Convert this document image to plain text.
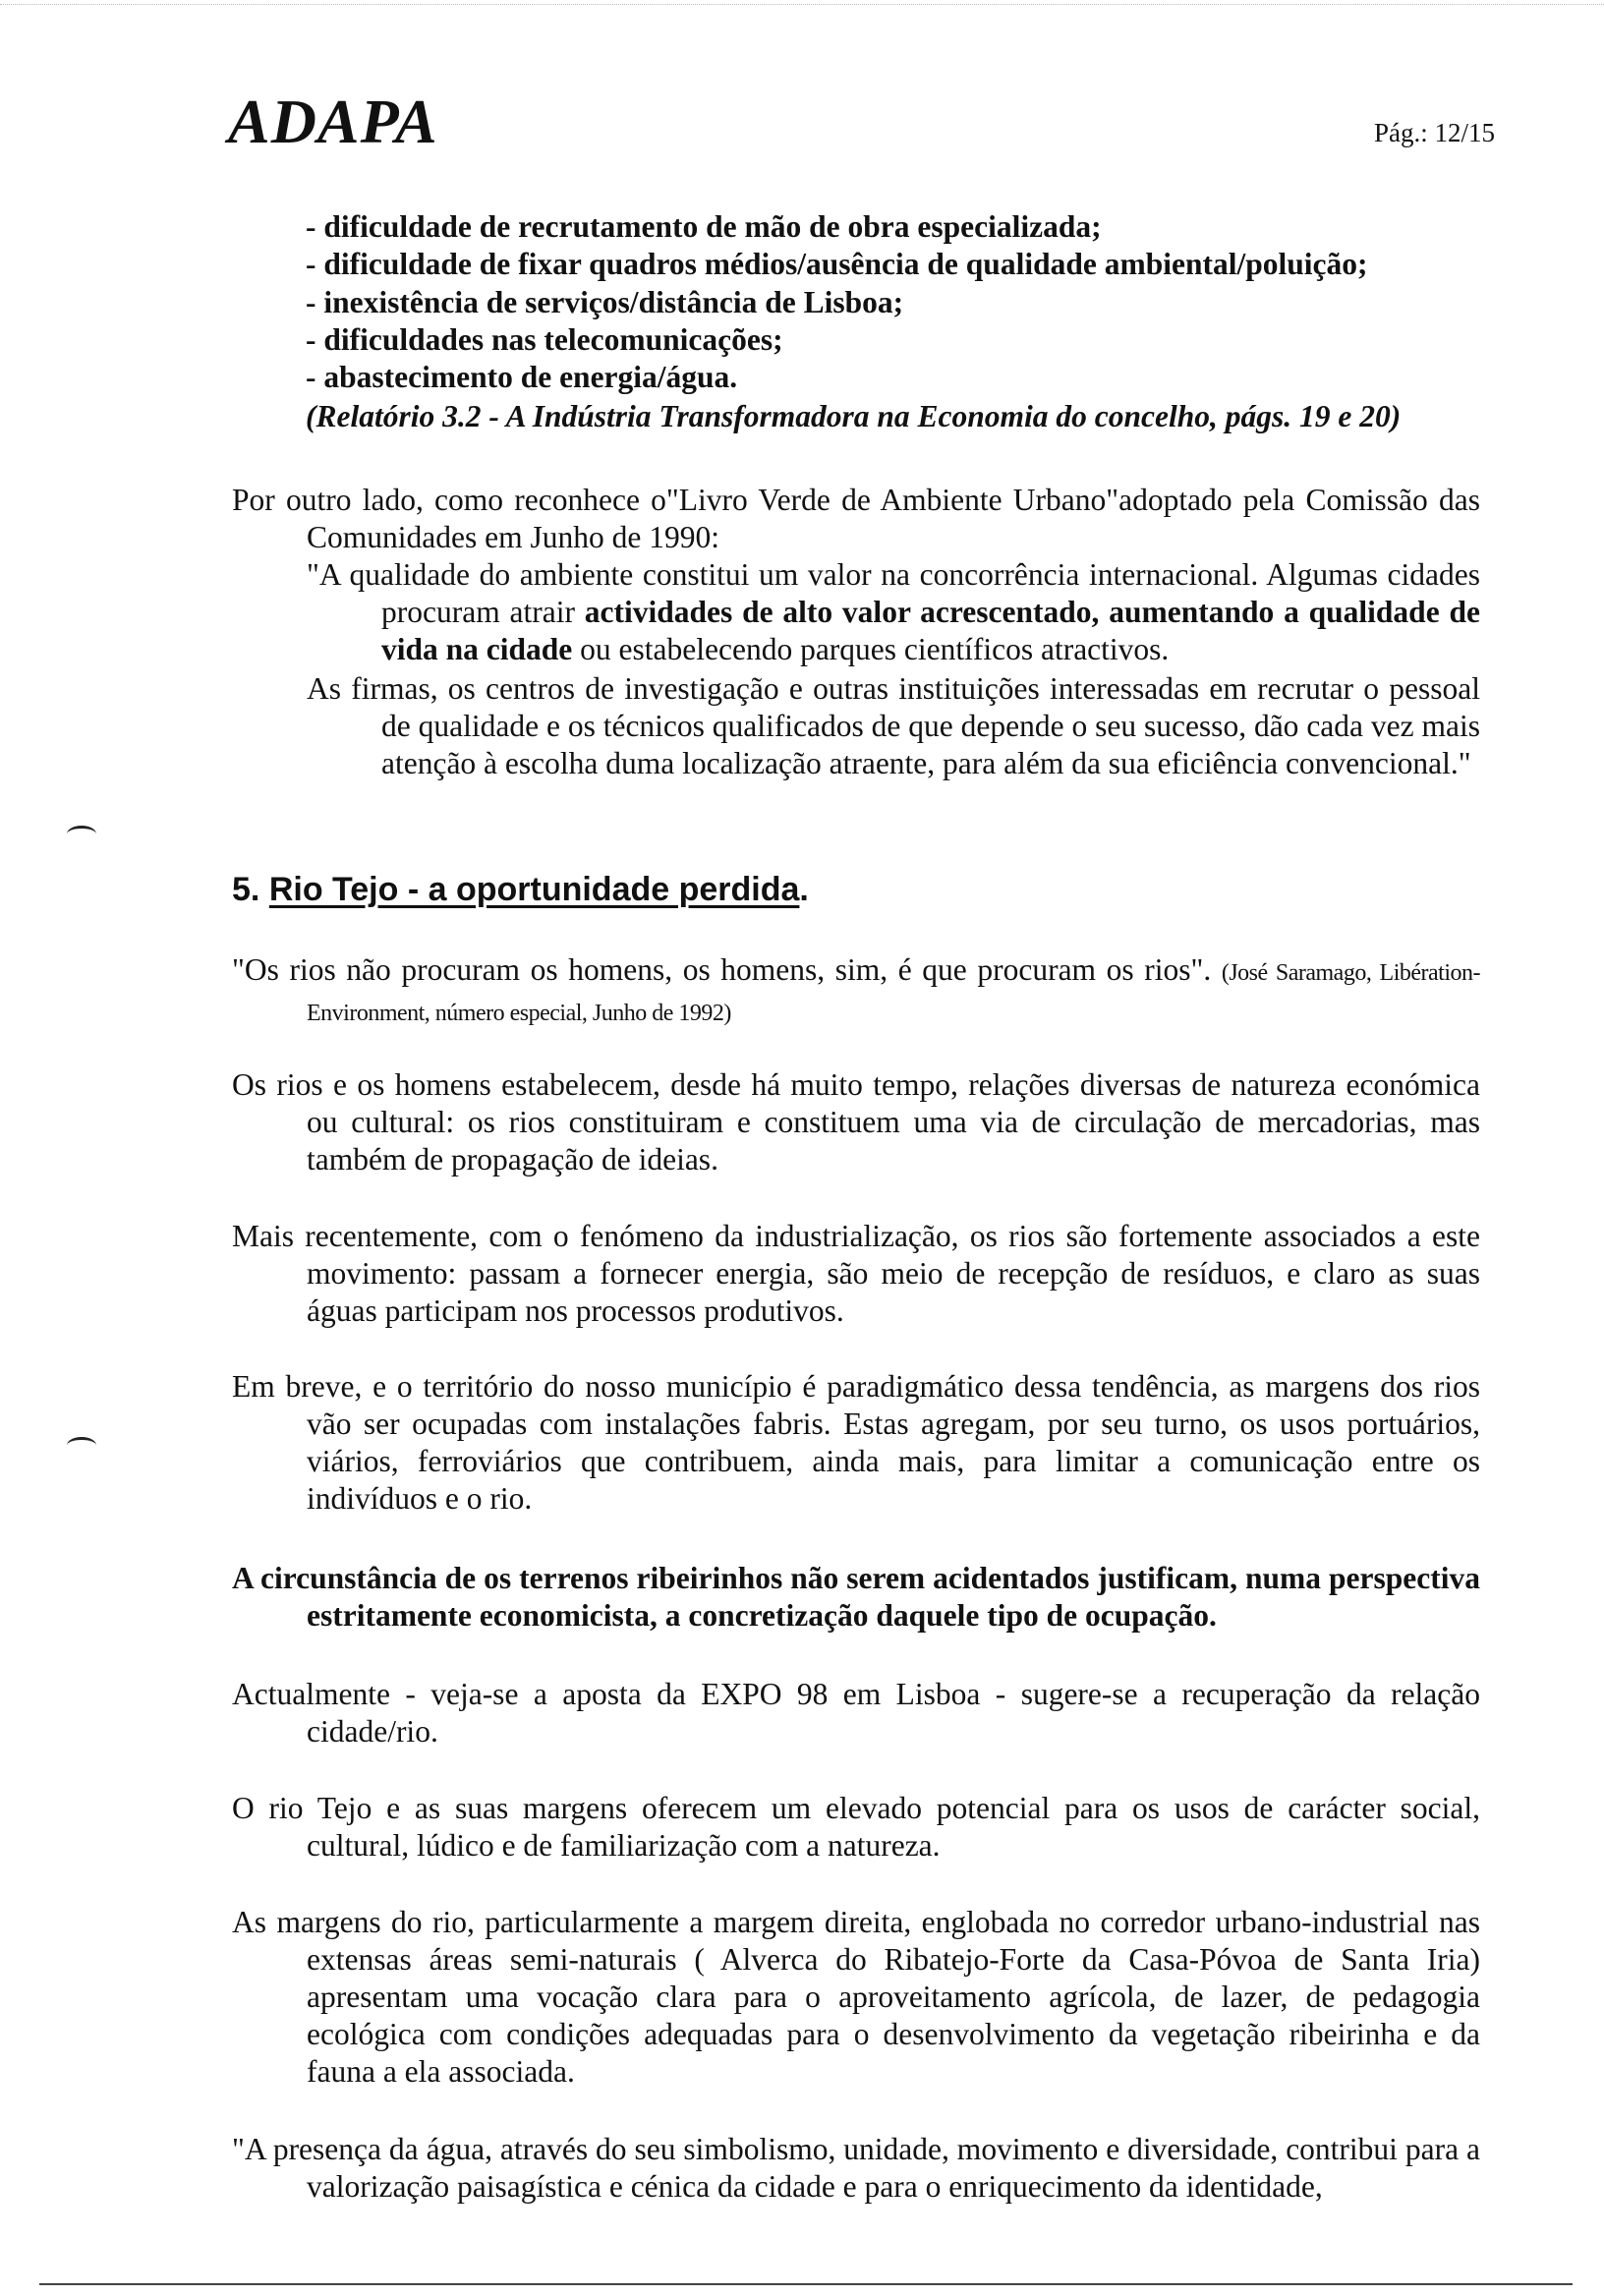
ADAPA	Pág.: 12/15
- dificuldade de recrutamento de mão de obra especializada;
- dificuldade de fixar quadros médios/ausência de qualidade ambiental/poluição;
- inexistência de serviços/distância de Lisboa;
- dificuldades nas telecomunicações;
- abastecimento de energia/água.
(Relatório 3.2 - A Indústria Transformadora na Economia do concelho, págs. 19 e 20)
Por outro lado, como reconhece o"Livro Verde de Ambiente Urbano"adoptado pela Comissão das Comunidades em Junho de 1990:
"A qualidade do ambiente constitui um valor na concorrência internacional. Algumas cidades procuram atrair actividades de alto valor acrescentado, aumentando a qualidade de vida na cidade ou estabelecendo parques científicos atractivos.
As firmas, os centros de investigação e outras instituições interessadas em recrutar o pessoal de qualidade e os técnicos qualificados de que depende o seu sucesso, dão cada vez mais atenção à escolha duma localização atraente, para além da sua eficiência convencional."
5. Rio Tejo - a oportunidade perdida.
"Os rios não procuram os homens, os homens, sim, é que procuram os rios". (José Saramago, Libération-Environment, número especial, Junho de 1992)
Os rios e os homens estabelecem, desde há muito tempo, relações diversas de natureza económica ou cultural: os rios constituiram e constituem uma via de circulação de mercadorias, mas também de propagação de ideias.
Mais recentemente, com o fenómeno da industrialização, os rios são fortemente associados a este movimento: passam a fornecer energia, são meio de recepção de resíduos, e claro as suas águas participam nos processos produtivos.
Em breve, e o território do nosso município é paradigmático dessa tendência, as margens dos rios vão ser ocupadas com instalações fabris. Estas agregam, por seu turno, os usos portuários, viários, ferroviários que contribuem, ainda mais, para limitar a comunicação entre os indivíduos e o rio.
A circunstância de os terrenos ribeirinhos não serem acidentados justificam, numa perspectiva estritamente economicista, a concretização daquele tipo de ocupação.
Actualmente - veja-se a aposta da EXPO 98 em Lisboa - sugere-se a recuperação da relação cidade/rio.
O rio Tejo e as suas margens oferecem um elevado potencial para os usos de carácter social, cultural, lúdico e de familiarização com a natureza.
As margens do rio, particularmente a margem direita, englobada no corredor urbano-industrial nas extensas áreas semi-naturais ( Alverca do Ribatejo-Forte da Casa-Póvoa de Santa Iria) apresentam uma vocação clara para o aproveitamento agrícola, de lazer, de pedagogia ecológica com condições adequadas para o desenvolvimento da vegetação ribeirinha e da fauna a ela associada.
"A presença da água, através do seu simbolismo, unidade, movimento e diversidade, contribui para a valorização paisagística e cénica da cidade e para o enriquecimento da identidade,
